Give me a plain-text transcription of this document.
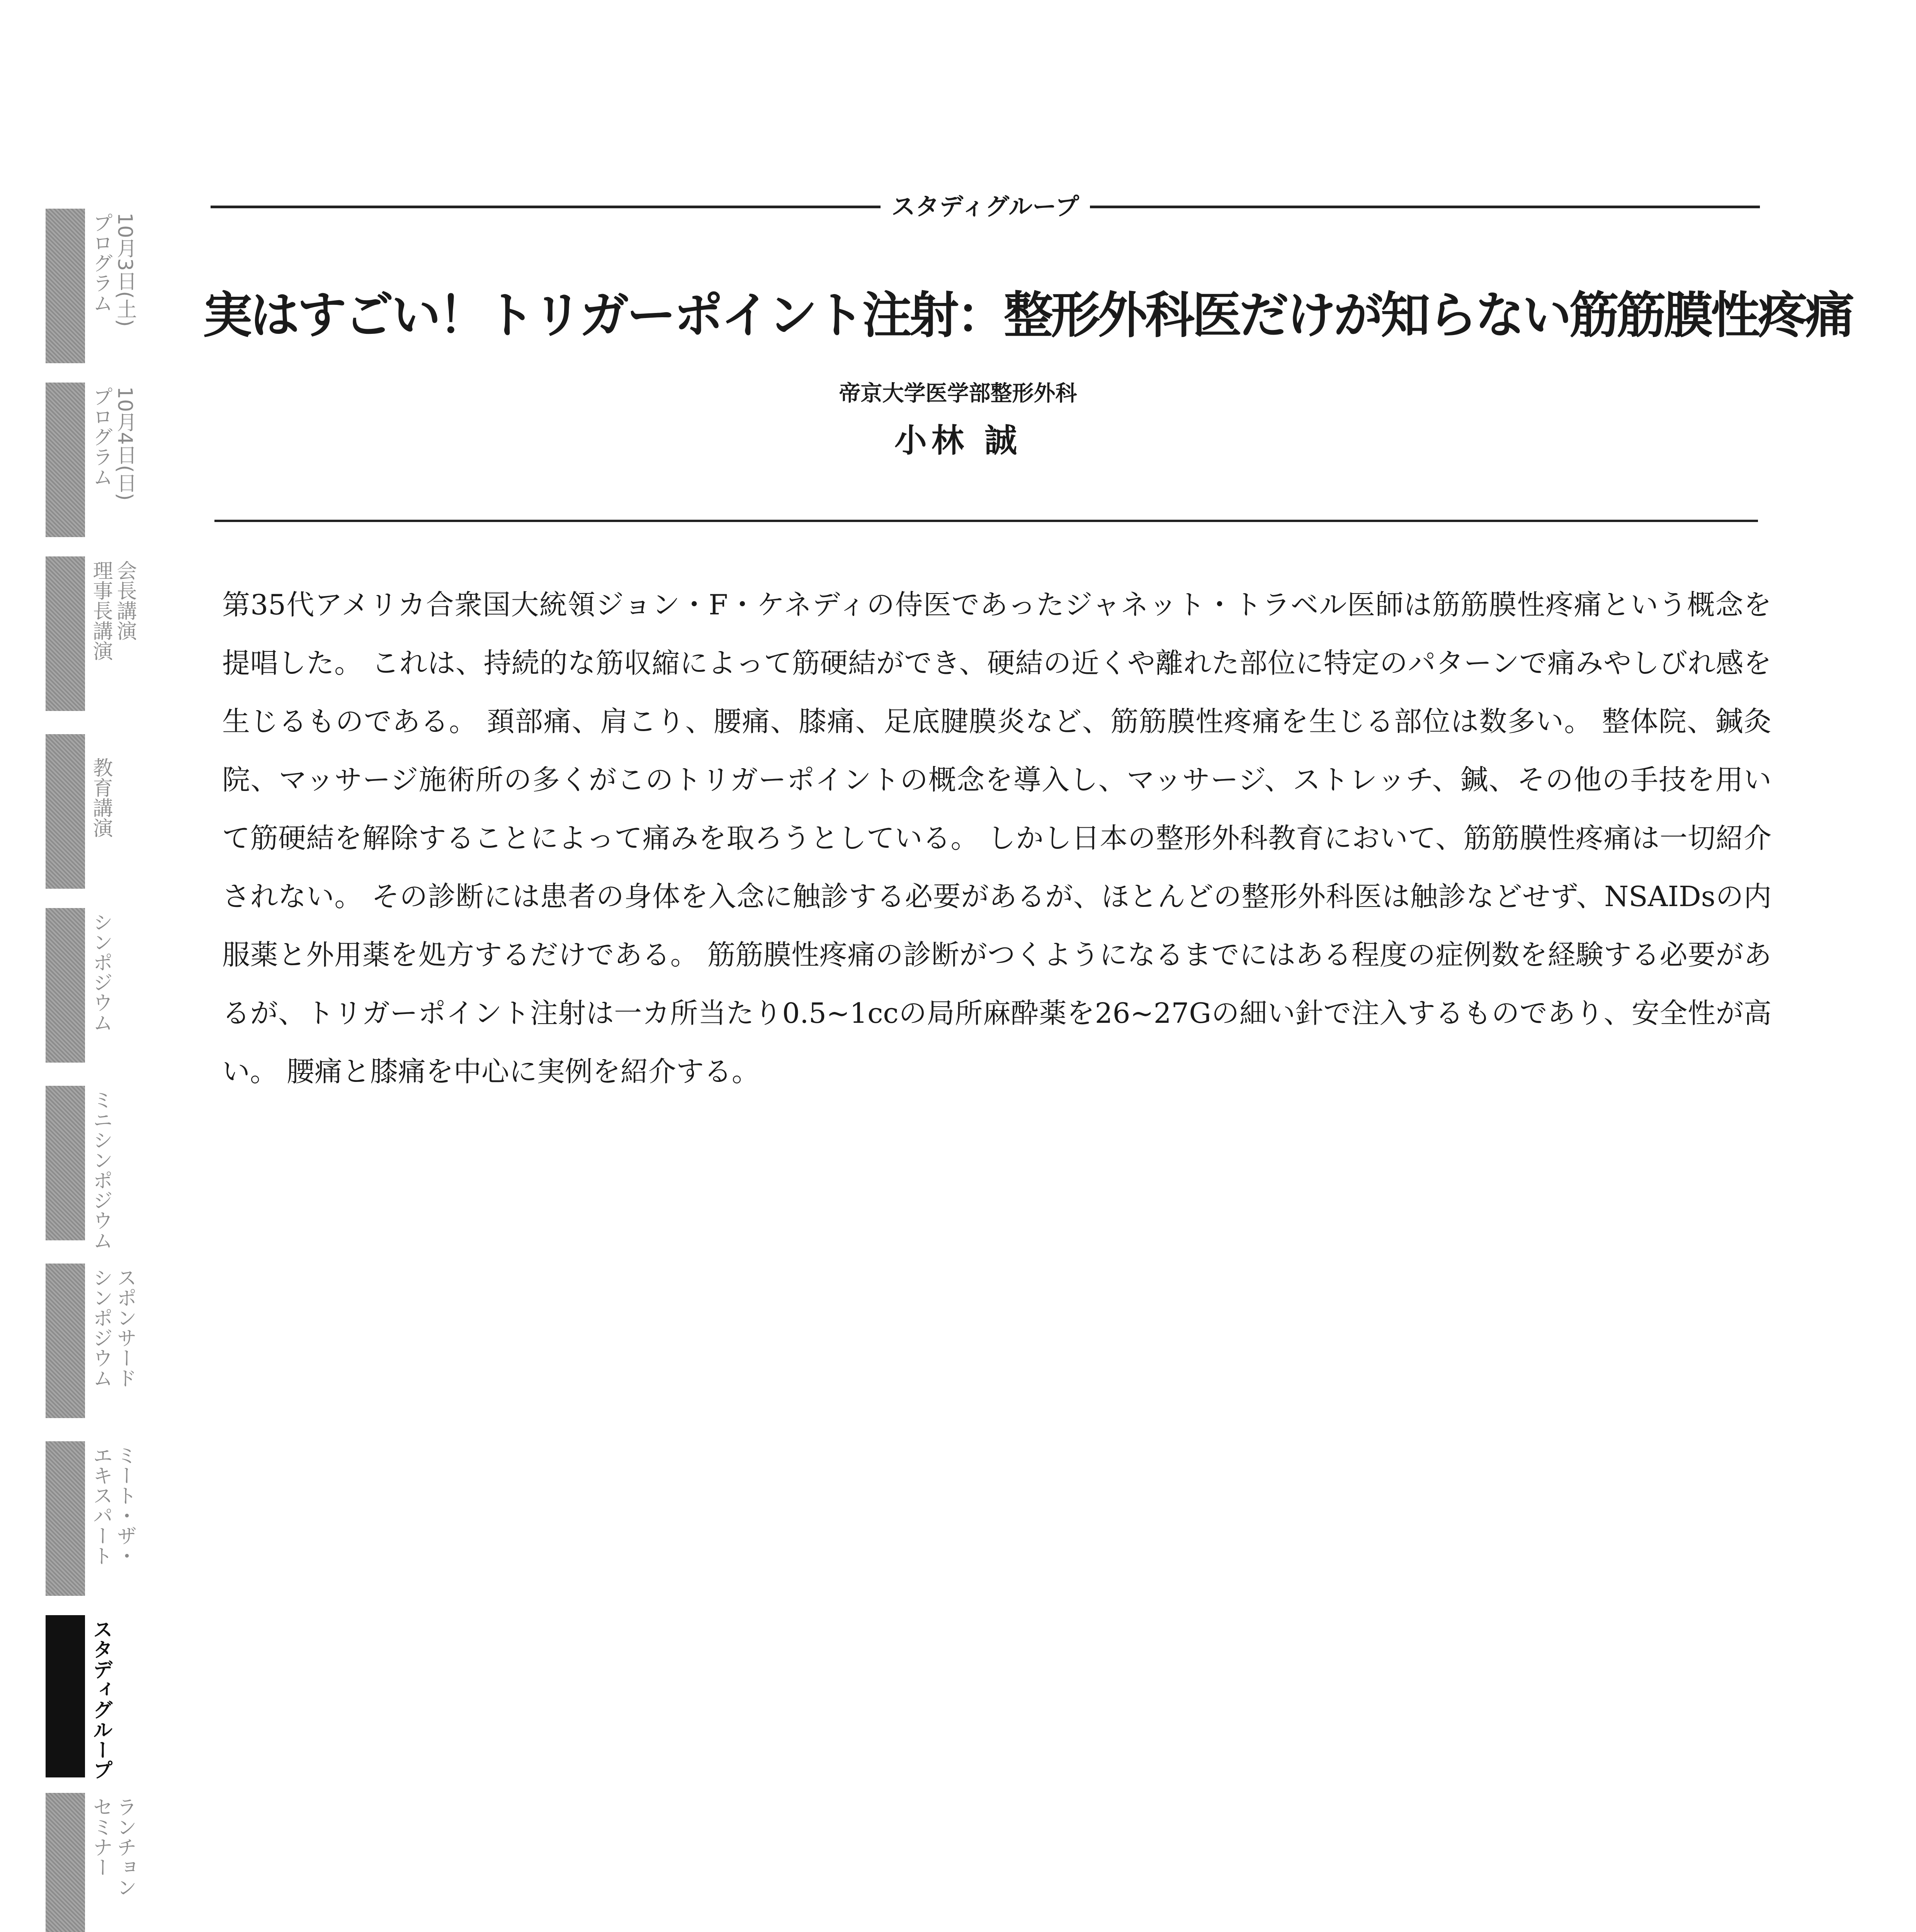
10月3日(土)
プログラム
10月4日(日)
プログラム
会長講演
理事長講演
教育講演
シンポジウム
ミニシンポジウム
スポンサード
シンポジウム
ミート・ザ・
エキスパート
スタディグループ
ランチョン
セミナー
スタディグループ
実はすごい！トリガーポイント注射：整形外科医だけが知らない筋筋膜性疼痛
帝京大学医学部整形外科
小林 誠

第35代アメリカ合衆国大統領ジョン・F・ケネディの侍医であったジャネット・トラベル医師は筋筋膜性疼痛という概念を提唱した。 これは、持続的な筋収縮によって筋硬結ができ、硬結の近くや離れた部位に特定のパターンで痛みやしびれ感を生じるものである。 頚部痛、肩こり、腰痛、膝痛、足底腱膜炎など、筋筋膜性疼痛を生じる部位は数多い。 整体院、鍼灸院、マッサージ施術所の多くがこのトリガーポイントの概念を導入し、マッサージ、ストレッチ、鍼、その他の手技を用いて筋硬結を解除することによって痛みを取ろうとしている。 しかし日本の整形外科教育において、筋筋膜性疼痛は一切紹介されない。 その診断には患者の身体を入念に触診する必要があるが、ほとんどの整形外科医は触診などせず、NSAIDsの内服薬と外用薬を処方するだけである。 筋筋膜性疼痛の診断がつくようになるまでにはある程度の症例数を経験する必要があるが、トリガーポイント注射は一カ所当たり0.5~1ccの局所麻酔薬を26~27Gの細い針で注入するものであり、安全性が高い。 腰痛と膝痛を中心に実例を紹介する。
